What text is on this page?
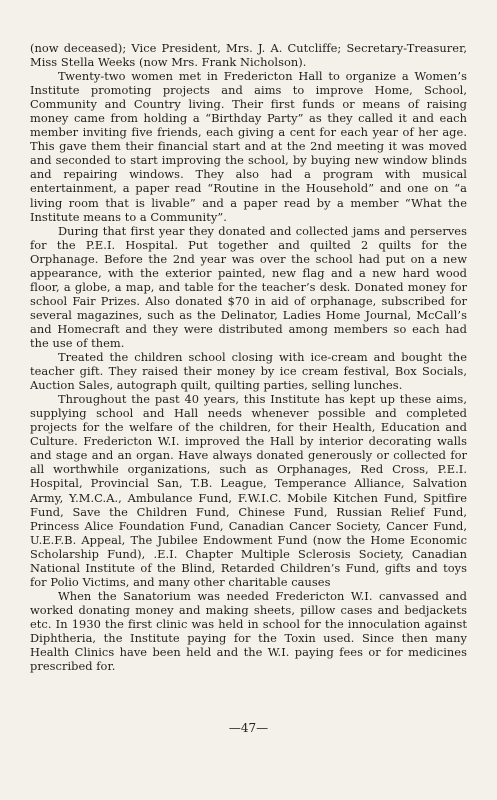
(now deceased); Vice President, Mrs. J. A. Cutcliffe; Secretary-Treasurer, Miss Stella Weeks (now Mrs. Frank Nicholson).

Twenty-two women met in Fredericton Hall to organize a Women’s Institute promoting projects and aims to improve Home, School, Community and Country living. Their first funds or means of raising money came from holding a “Birthday Party” as they called it and each member inviting five friends, each giving a cent for each year of her age. This gave them their financial start and at the 2nd meeting it was moved and seconded to start improving the school, by buying new window blinds and repairing windows. They also had a program with musical entertainment, a paper read “Routine in the Household” and one on “a living room that is livable” and a paper read by a member “What the Institute means to a Community”.

During that first year they donated and collected jams and perserves for the P.E.I. Hospital. Put together and quilted 2 quilts for the Orphanage. Before the 2nd year was over the school had put on a new appearance, with the exterior painted, new flag and a new hard wood floor, a globe, a map, and table for the teacher’s desk. Donated money for school Fair Prizes. Also donated $70 in aid of orphanage, subscribed for several magazines, such as the Delinator, Ladies Home Journal, McCall’s and Homecraft and they were distributed among members so each had the use of them.

Treated the children school closing with ice-cream and bought the teacher gift. They raised their money by ice cream festival, Box Socials, Auction Sales, autograph quilt, quilting parties, selling lunches.

Throughout the past 40 years, this Institute has kept up these aims, supplying school and Hall needs whenever possible and completed projects for the welfare of the children, for their Health, Education and Culture. Fredericton W.I. improved the Hall by interior decorating walls and stage and an organ. Have always donated generously or collected for all worthwhile organizations, such as Orphanages, Red Cross, P.E.I. Hospital, Provincial San, T.B. League, Temperance Alliance, Salvation Army, Y.M.C.A., Ambulance Fund, F.W.I.C. Mobile Kitchen Fund, Spitfire Fund, Save the Children Fund, Chinese Fund, Russian Relief Fund, Princess Alice Foundation Fund, Canadian Cancer Society, Cancer Fund, U.E.F.B. Appeal, The Jubilee Endowment Fund (now the Home Economic Scholarship Fund), .E.I. Chapter Multiple Sclerosis Society, Canadian National Institute of the Blind, Retarded Children’s Fund, gifts and toys for Polio Victims, and many other charitable causes

When the Sanatorium was needed Fredericton W.I. canvassed and worked donating money and making sheets, pillow cases and bedjackets etc. In 1930 the first clinic was held in school for the innoculation against Diphtheria, the Institute paying for the Toxin used. Since then many Health Clinics have been held and the W.I. paying fees or for medicines prescribed for.

—47—
